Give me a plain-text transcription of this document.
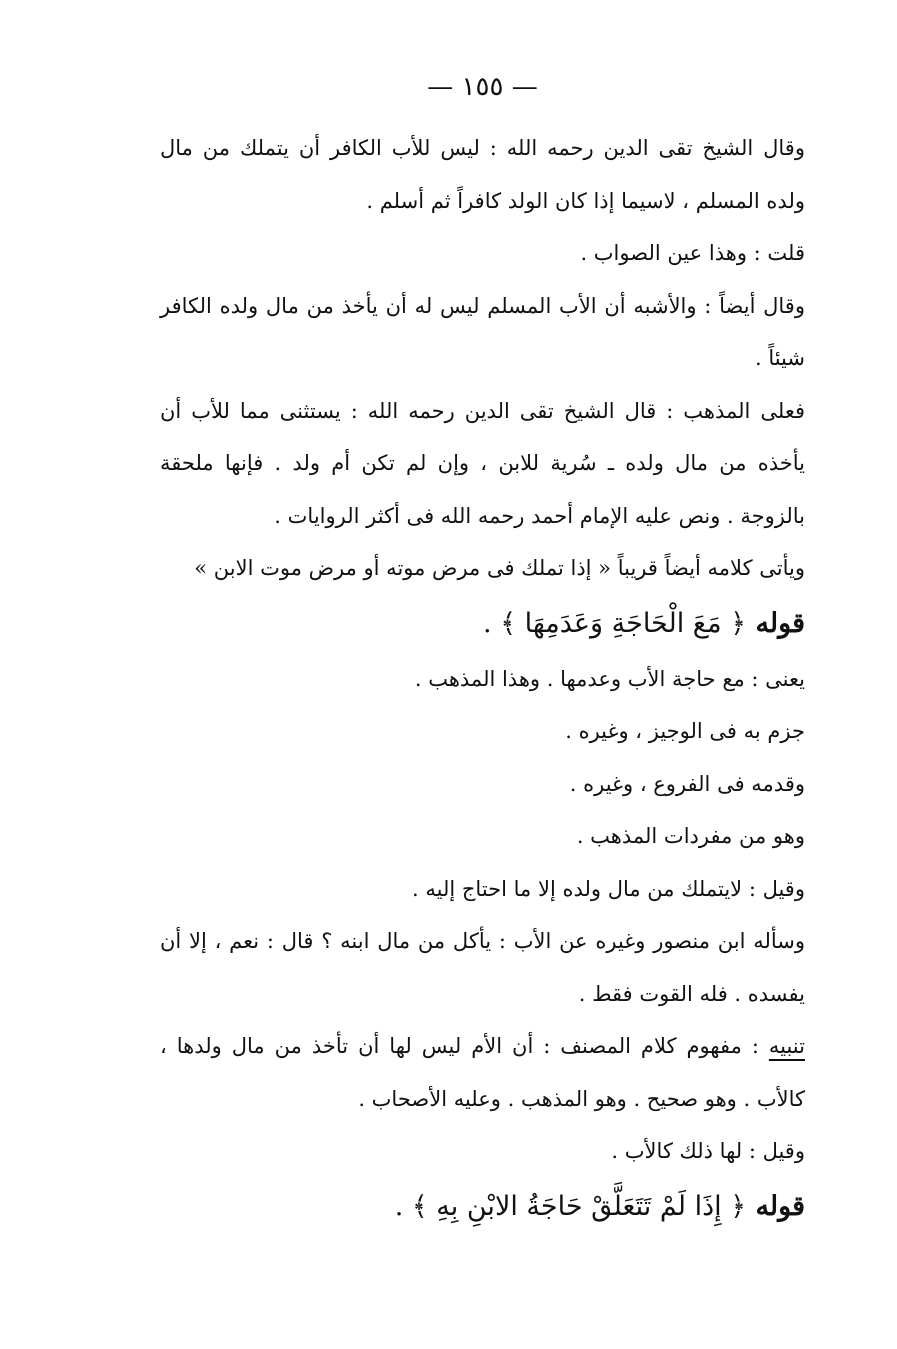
— ١٥٥ —

وقال الشيخ تقى الدين رحمه الله : ليس للأب الكافر أن يتملك من مال ولده المسلم ، لاسيما إذا كان الولد كافراً ثم أسلم .

قلت : وهذا عين الصواب .

وقال أيضاً : والأشبه أن الأب المسلم ليس له أن يأخذ من مال ولده الكافر شيئاً .

فعلى المذهب : قال الشيخ تقى الدين رحمه الله : يستثنى مما للأب أن يأخذه من مال ولده ـ سُرية للابن ، وإن لم تكن أم ولد . فإنها ملحقة بالزوجة . ونص عليه الإمام أحمد رحمه الله فى أكثر الروايات .

ويأتى كلامه أيضاً قريباً « إذا تملك فى مرض موته أو مرض موت الابن »

قوله ﴿ مَعَ الْحَاجَةِ وَعَدَمِهَا ﴾ .

يعنى : مع حاجة الأب وعدمها . وهذا المذهب .

جزم به فى الوجيز ، وغيره .

وقدمه فى الفروع ، وغيره .

وهو من مفردات المذهب .

وقيل : لايتملك من مال ولده إلا ما احتاج إليه .

وسأله ابن منصور وغيره عن الأب : يأكل من مال ابنه ؟ قال : نعم ، إلا أن يفسده . فله القوت فقط .

تنبيه : مفهوم كلام المصنف : أن الأم ليس لها أن تأخذ من مال ولدها ، كالأب . وهو صحيح . وهو المذهب . وعليه الأصحاب .

وقيل : لها ذلك كالأب .

قوله ﴿ إِذَا لَمْ تَتَعَلَّقْ حَاجَةُ الابْنِ بِهِ ﴾ .
